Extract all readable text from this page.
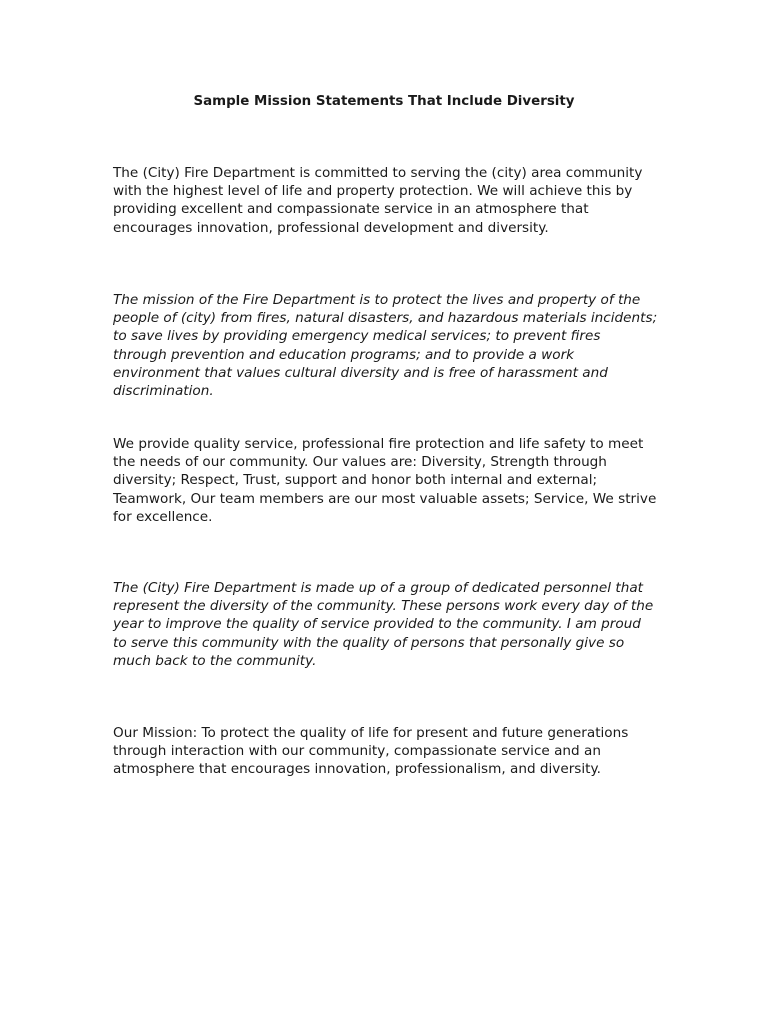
Sample Mission Statements That Include Diversity

The (City) Fire Department is committed to serving the (city) area community with the highest level of life and property protection. We will achieve this by providing excellent and compassionate service in an atmosphere that encourages innovation, professional development and diversity.

The mission of the Fire Department is to protect the lives and property of the people of (city) from fires, natural disasters, and hazardous materials incidents; to save lives by providing emergency medical services; to prevent fires through prevention and education programs; and to provide a work environment that values cultural diversity and is free of harassment and discrimination.

We provide quality service, professional fire protection and life safety to meet the needs of our community. Our values are: Diversity, Strength through diversity; Respect, Trust, support and honor both internal and external; Teamwork, Our team members are our most valuable assets; Service, We strive for excellence.

The (City) Fire Department is made up of a group of dedicated personnel that represent the diversity of the community. These persons work every day of the year to improve the quality of service provided to the community. I am proud to serve this community with the quality of persons that personally give so much back to the community.

Our Mission: To protect the quality of life for present and future generations through interaction with our community, compassionate service and an atmosphere that encourages innovation, professionalism, and diversity.
